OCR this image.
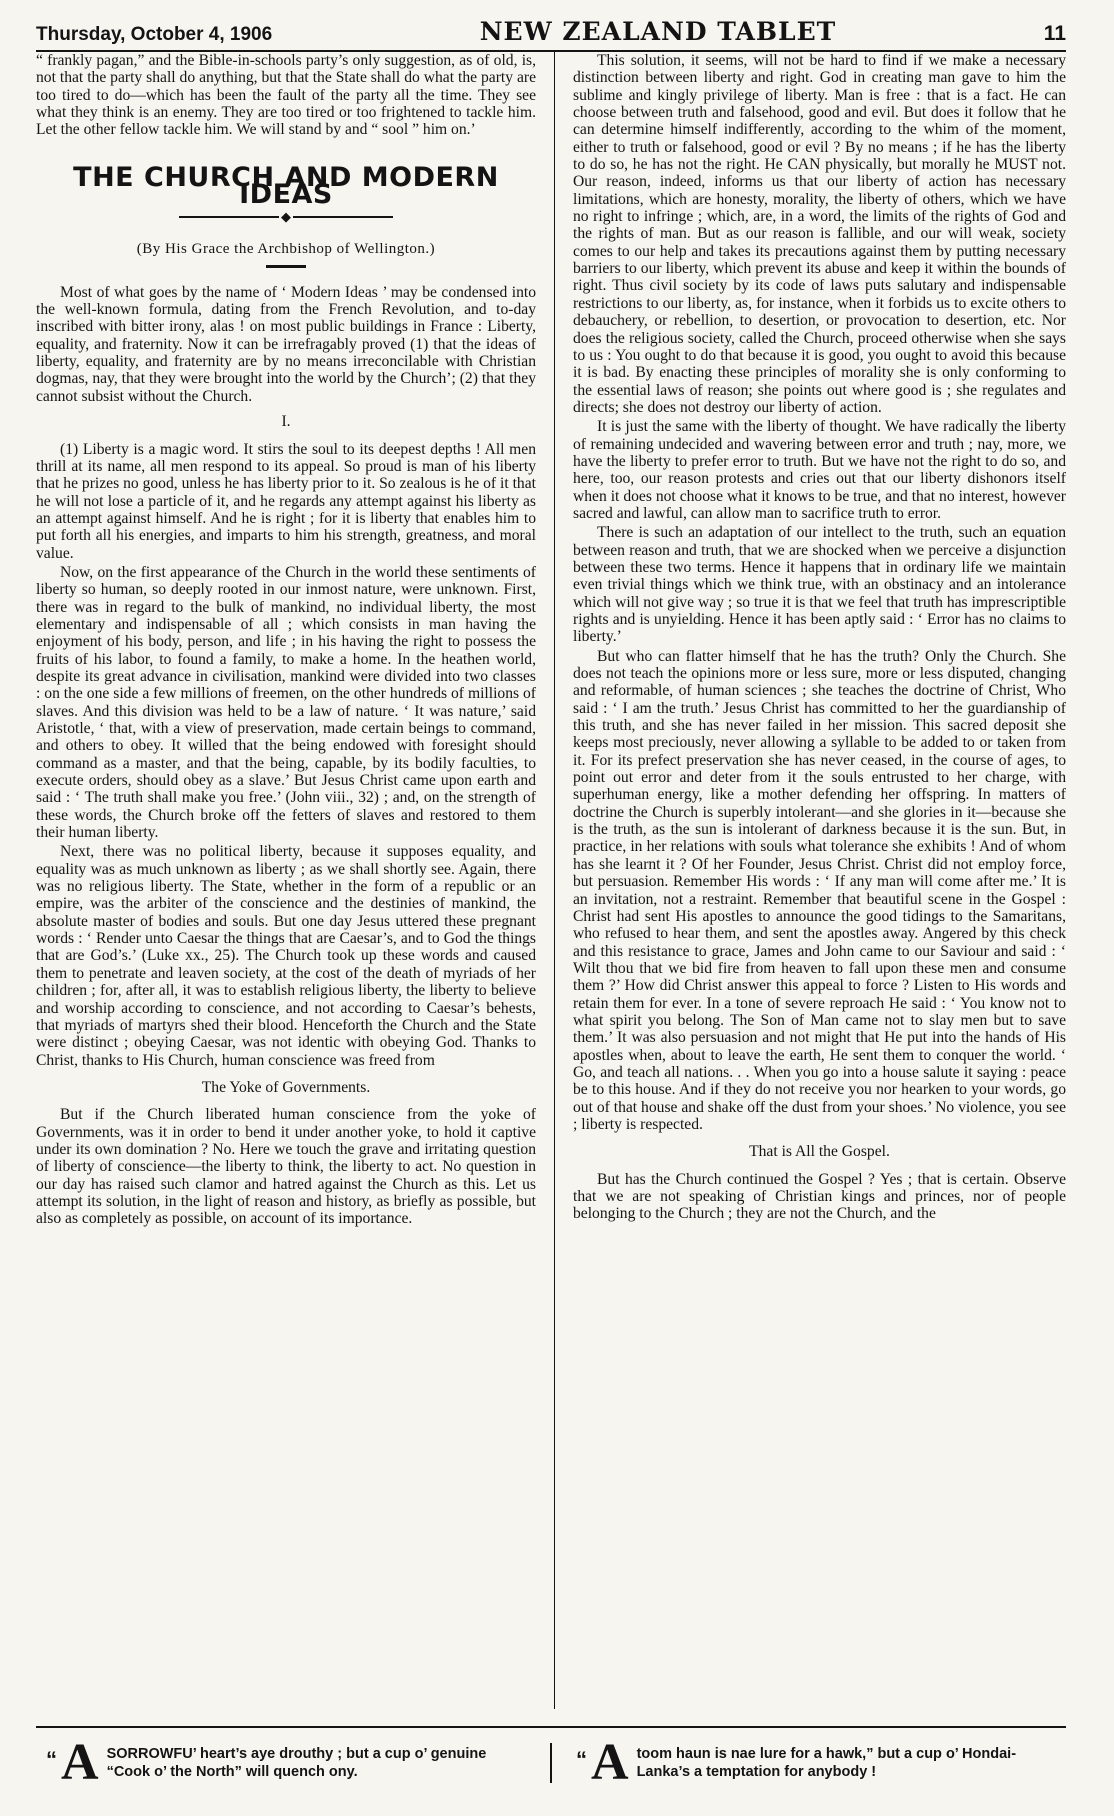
Thursday, October 4, 1906	NEW ZEALAND TABLET	11

“ frankly pagan,” and the Bible-in-schools party’s only suggestion, as of old, is, not that the party shall do anything, but that the State shall do what the party are too tired to do—which has been the fault of the party all the time. They see what they think is an enemy. They are too tired or too frightened to tackle him. Let the other fellow tackle him. We will stand by and “ sool ” him on.’

THE CHURCH AND MODERN IDEAS
◆
(By His Grace the Archbishop of Wellington.)

Most of what goes by the name of ‘ Modern Ideas ’ may be condensed into the well-known formula, dating from the French Revolution, and to-day inscribed with bitter irony, alas ! on most public buildings in France : Liberty, equality, and fraternity. Now it can be irrefragably proved (1) that the ideas of liberty, equality, and fraternity are by no means irreconcilable with Christian dogmas, nay, that they were brought into the world by the Church’; (2) that they cannot subsist without the Church.

I.

(1) Liberty is a magic word. It stirs the soul to its deepest depths ! All men thrill at its name, all men respond to its appeal. So proud is man of his liberty that he prizes no good, unless he has liberty prior to it. So zealous is he of it that he will not lose a particle of it, and he regards any attempt against his liberty as an attempt against himself. And he is right ; for it is liberty that enables him to put forth all his energies, and imparts to him his strength, greatness, and moral value.

Now, on the first appearance of the Church in the world these sentiments of liberty so human, so deeply rooted in our inmost nature, were unknown. First, there was in regard to the bulk of mankind, no individual liberty, the most elementary and indispensable of all ; which consists in man having the enjoyment of his body, person, and life ; in his having the right to possess the fruits of his labor, to found a family, to make a home. In the heathen world, despite its great advance in civilisation, mankind were divided into two classes : on the one side a few millions of freemen, on the other hundreds of millions of slaves. And this division was held to be a law of nature. ‘ It was nature,’ said Aristotle, ‘ that, with a view of preservation, made certain beings to command, and others to obey. It willed that the being endowed with foresight should command as a master, and that the being, capable, by its bodily faculties, to execute orders, should obey as a slave.’ But Jesus Christ came upon earth and said : ‘ The truth shall make you free.’ (John viii., 32) ; and, on the strength of these words, the Church broke off the fetters of slaves and restored to them their human liberty.

Next, there was no political liberty, because it supposes equality, and equality was as much unknown as liberty ; as we shall shortly see. Again, there was no religious liberty. The State, whether in the form of a republic or an empire, was the arbiter of the conscience and the destinies of mankind, the absolute master of bodies and souls. But one day Jesus uttered these pregnant words : ‘ Render unto Caesar the things that are Caesar’s, and to God the things that are God’s.’ (Luke xx., 25). The Church took up these words and caused them to penetrate and leaven society, at the cost of the death of myriads of her children ; for, after all, it was to establish religious liberty, the liberty to believe and worship according to conscience, and not according to Caesar’s behests, that myriads of martyrs shed their blood. Henceforth the Church and the State were distinct ; obeying Caesar, was not identic with obeying God. Thanks to Christ, thanks to His Church, human conscience was freed from

The Yoke of Governments.

But if the Church liberated human conscience from the yoke of Governments, was it in order to bend it under another yoke, to hold it captive under its own domination ? No. Here we touch the grave and irritating question of liberty of conscience—the liberty to think, the liberty to act. No question in our day has raised such clamor and hatred against the Church as this. Let us attempt its solution, in the light of reason and history, as briefly as possible, but also as completely as possible, on account of its importance.

This solution, it seems, will not be hard to find if we make a necessary distinction between liberty and right. God in creating man gave to him the sublime and kingly privilege of liberty. Man is free : that is a fact. He can choose between truth and falsehood, good and evil. But does it follow that he can determine himself indifferently, according to the whim of the moment, either to truth or falsehood, good or evil ? By no means ; if he has the liberty to do so, he has not the right. He CAN physically, but morally he MUST not. Our reason, indeed, informs us that our liberty of action has necessary limitations, which are honesty, morality, the liberty of others, which we have no right to infringe ; which, are, in a word, the limits of the rights of God and the rights of man. But as our reason is fallible, and our will weak, society comes to our help and takes its precautions against them by putting necessary barriers to our liberty, which prevent its abuse and keep it within the bounds of right. Thus civil society by its code of laws puts salutary and indispensable restrictions to our liberty, as, for instance, when it forbids us to excite others to debauchery, or rebellion, to desertion, or provocation to desertion, etc. Nor does the religious society, called the Church, proceed otherwise when she says to us : You ought to do that because it is good, you ought to avoid this because it is bad. By enacting these principles of morality she is only conforming to the essential laws of reason; she points out where good is ; she regulates and directs; she does not destroy our liberty of action.

It is just the same with the liberty of thought. We have radically the liberty of remaining undecided and wavering between error and truth ; nay, more, we have the liberty to prefer error to truth. But we have not the right to do so, and here, too, our reason protests and cries out that our liberty dishonors itself when it does not choose what it knows to be true, and that no interest, however sacred and lawful, can allow man to sacrifice truth to error.

There is such an adaptation of our intellect to the truth, such an equation between reason and truth, that we are shocked when we perceive a disjunction between these two terms. Hence it happens that in ordinary life we maintain even trivial things which we think true, with an obstinacy and an intolerance which will not give way ; so true it is that we feel that truth has imprescriptible rights and is unyielding. Hence it has been aptly said : ‘ Error has no claims to liberty.’

But who can flatter himself that he has the truth? Only the Church. She does not teach the opinions more or less sure, more or less disputed, changing and reformable, of human sciences ; she teaches the doctrine of Christ, Who said : ‘ I am the truth.’ Jesus Christ has committed to her the guardianship of this truth, and she has never failed in her mission. This sacred deposit she keeps most preciously, never allowing a syllable to be added to or taken from it. For its prefect preservation she has never ceased, in the course of ages, to point out error and deter from it the souls entrusted to her charge, with superhuman energy, like a mother defending her offspring. In matters of doctrine the Church is superbly intolerant—and she glories in it—because she is the truth, as the sun is intolerant of darkness because it is the sun. But, in practice, in her relations with souls what tolerance she exhibits ! And of whom has she learnt it ? Of her Founder, Jesus Christ. Christ did not employ force, but persuasion. Remember His words : ‘ If any man will come after me.’ It is an invitation, not a restraint. Remember that beautiful scene in the Gospel : Christ had sent His apostles to announce the good tidings to the Samaritans, who refused to hear them, and sent the apostles away. Angered by this check and this resistance to grace, James and John came to our Saviour and said : ‘ Wilt thou that we bid fire from heaven to fall upon these men and consume them ?’ How did Christ answer this appeal to force ? Listen to His words and retain them for ever. In a tone of severe reproach He said : ‘ You know not to what spirit you belong. The Son of Man came not to slay men but to save them.’ It was also persuasion and not might that He put into the hands of His apostles when, about to leave the earth, He sent them to conquer the world. ‘ Go, and teach all nations. . . When you go into a house salute it saying : peace be to this house. And if they do not receive you nor hearken to your words, go out of that house and shake off the dust from your shoes.’ No violence, you see ; liberty is respected.

That is All the Gospel.

But has the Church continued the Gospel ? Yes ; that is certain. Observe that we are not speaking of Christian kings and princes, nor of people belonging to the Church ; they are not the Church, and the

“ A SORROWFU’ heart’s aye drouthy ; but a cup o’ genuine “Cook o’ the North” will quench ony.	“ A toom haun is nae lure for a hawk,” but a cup o’ Hondai-Lanka’s a temptation for anybody !
